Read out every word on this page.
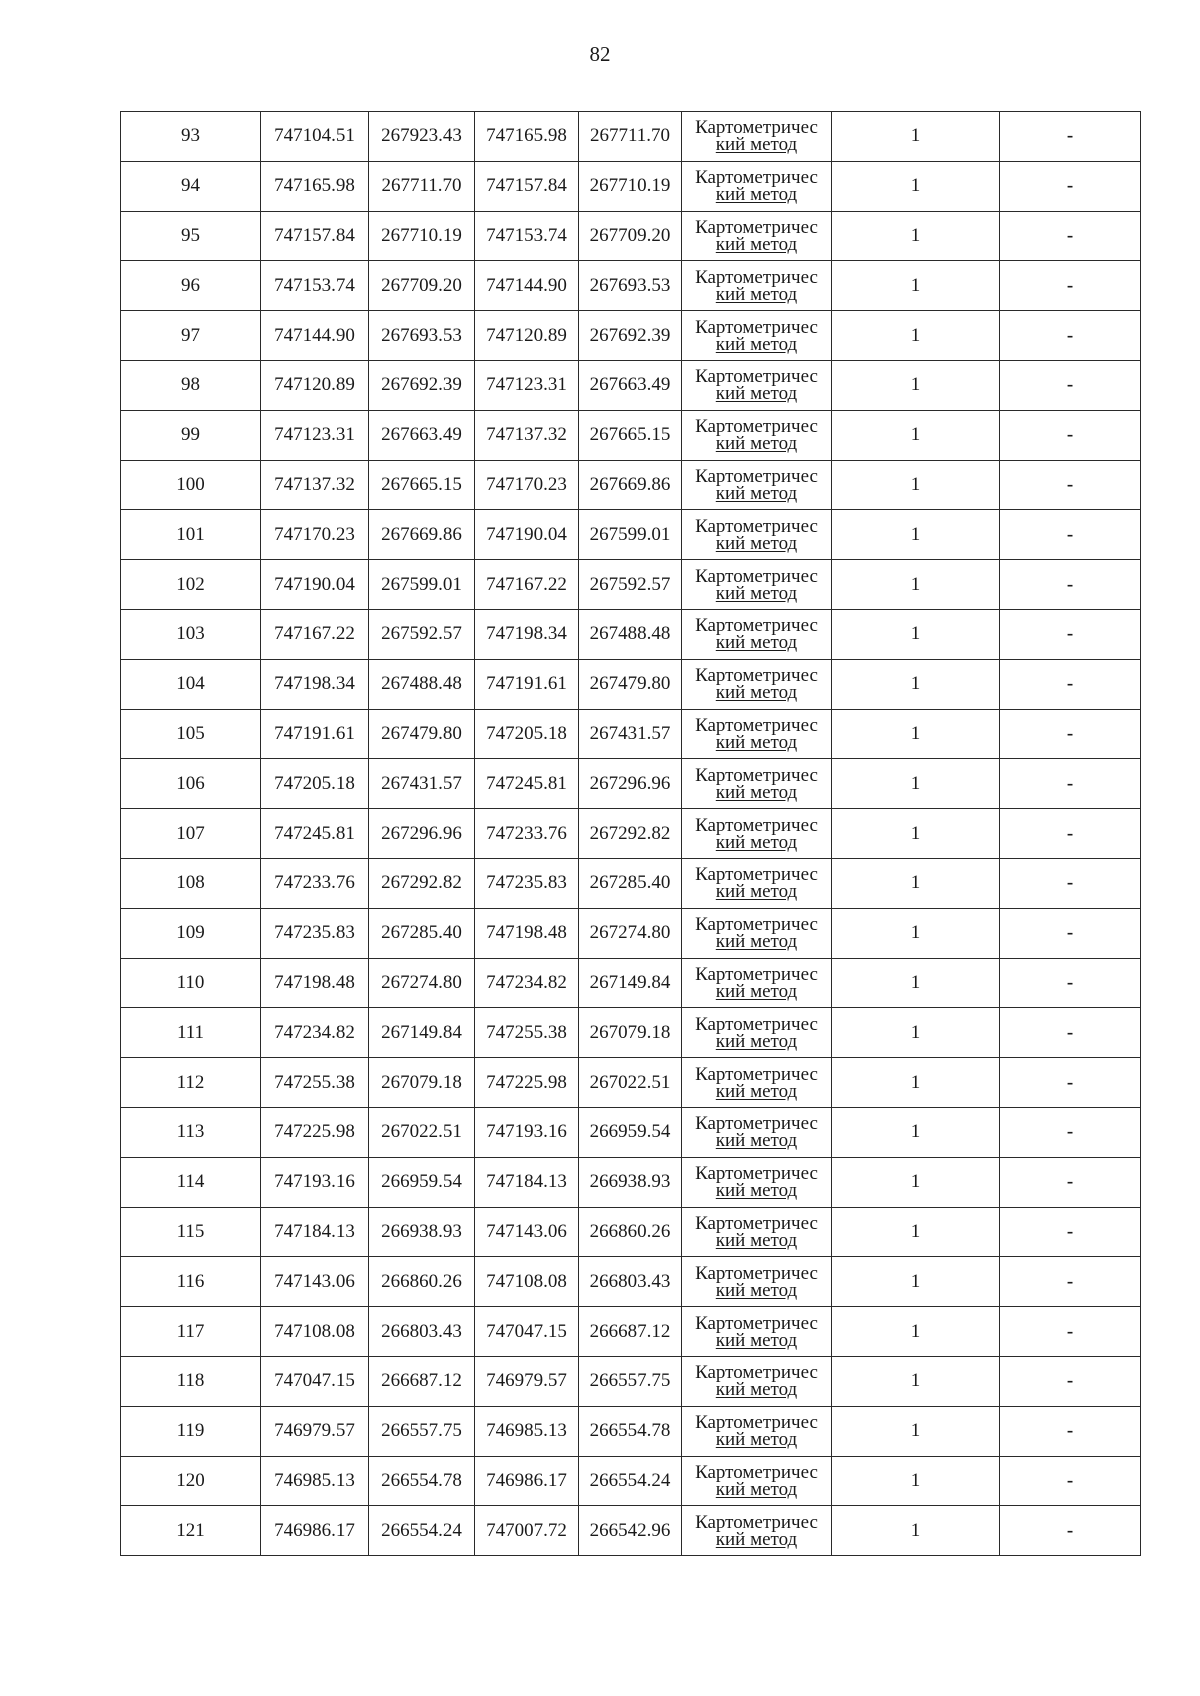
82
93	747104.51	267923.43	747165.98	267711.70	Картометричес
кий метод	1	-
94	747165.98	267711.70	747157.84	267710.19	Картометричес
кий метод	1	-
95	747157.84	267710.19	747153.74	267709.20	Картометричес
кий метод	1	-
96	747153.74	267709.20	747144.90	267693.53	Картометричес
кий метод	1	-
97	747144.90	267693.53	747120.89	267692.39	Картометричес
кий метод	1	-
98	747120.89	267692.39	747123.31	267663.49	Картометричес
кий метод	1	-
99	747123.31	267663.49	747137.32	267665.15	Картометричес
кий метод	1	-
100	747137.32	267665.15	747170.23	267669.86	Картометричес
кий метод	1	-
101	747170.23	267669.86	747190.04	267599.01	Картометричес
кий метод	1	-
102	747190.04	267599.01	747167.22	267592.57	Картометричес
кий метод	1	-
103	747167.22	267592.57	747198.34	267488.48	Картометричес
кий метод	1	-
104	747198.34	267488.48	747191.61	267479.80	Картометричес
кий метод	1	-
105	747191.61	267479.80	747205.18	267431.57	Картометричес
кий метод	1	-
106	747205.18	267431.57	747245.81	267296.96	Картометричес
кий метод	1	-
107	747245.81	267296.96	747233.76	267292.82	Картометричес
кий метод	1	-
108	747233.76	267292.82	747235.83	267285.40	Картометричес
кий метод	1	-
109	747235.83	267285.40	747198.48	267274.80	Картометричес
кий метод	1	-
110	747198.48	267274.80	747234.82	267149.84	Картометричес
кий метод	1	-
111	747234.82	267149.84	747255.38	267079.18	Картометричес
кий метод	1	-
112	747255.38	267079.18	747225.98	267022.51	Картометричес
кий метод	1	-
113	747225.98	267022.51	747193.16	266959.54	Картометричес
кий метод	1	-
114	747193.16	266959.54	747184.13	266938.93	Картометричес
кий метод	1	-
115	747184.13	266938.93	747143.06	266860.26	Картометричес
кий метод	1	-
116	747143.06	266860.26	747108.08	266803.43	Картометричес
кий метод	1	-
117	747108.08	266803.43	747047.15	266687.12	Картометричес
кий метод	1	-
118	747047.15	266687.12	746979.57	266557.75	Картометричес
кий метод	1	-
119	746979.57	266557.75	746985.13	266554.78	Картометричес
кий метод	1	-
120	746985.13	266554.78	746986.17	266554.24	Картометричес
кий метод	1	-
121	746986.17	266554.24	747007.72	266542.96	Картометричес
кий метод	1	-
